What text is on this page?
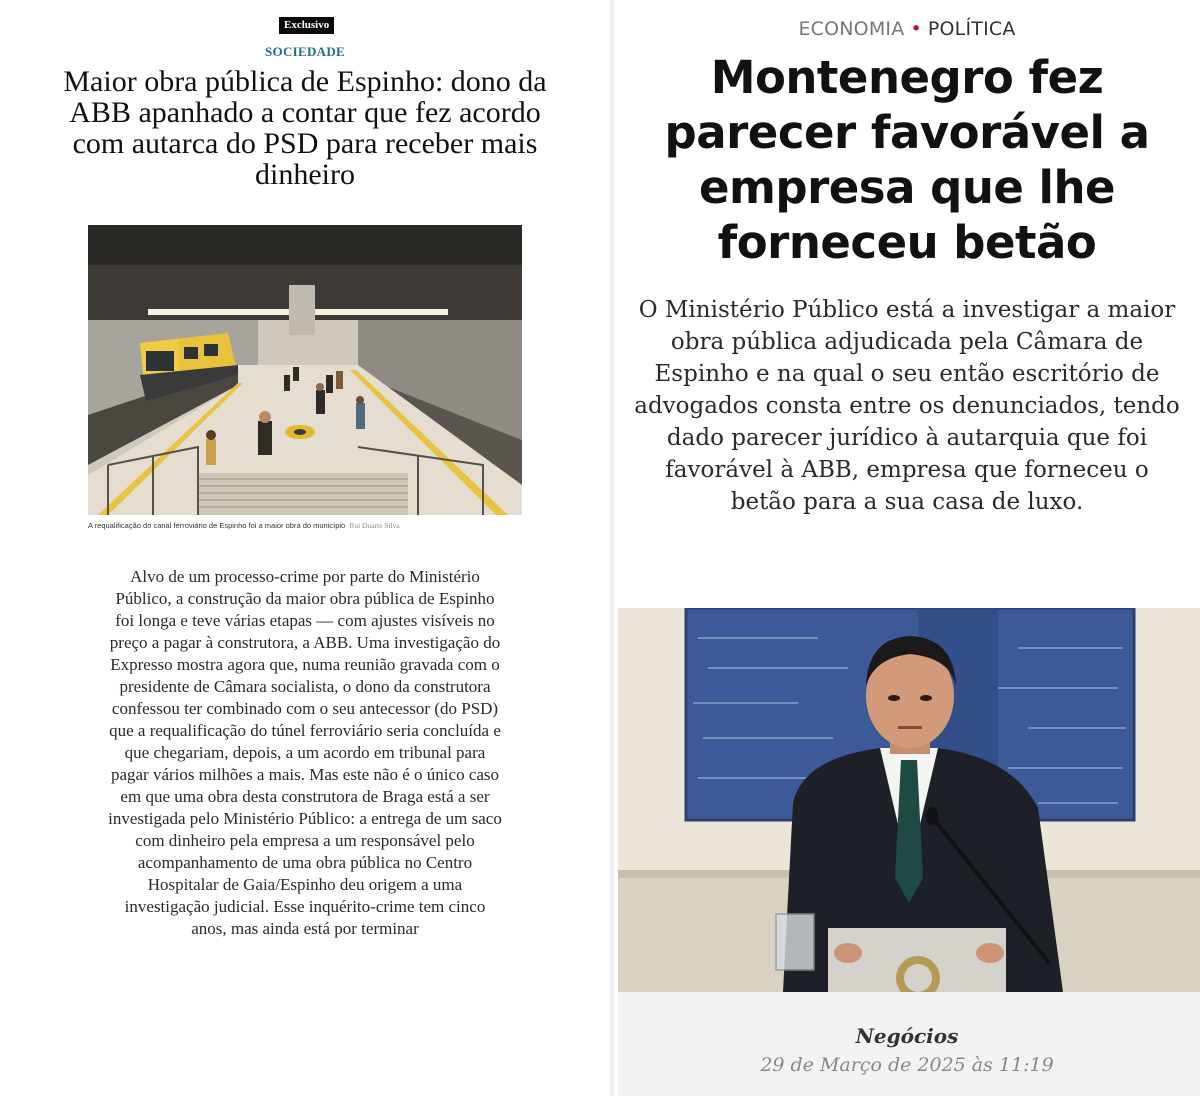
Exclusivo
SOCIEDADE
Maior obra pública de Espinho: dono da ABB apanhado a contar que fez acordo com autarca do PSD para receber mais dinheiro
A requalificação do canal ferroviário de Espinho foi a maior obra do município Rui Duarte Silva

Alvo de um processo-crime por parte do Ministério Público, a construção da maior obra pública de Espinho foi longa e teve várias etapas — com ajustes visíveis no preço a pagar à construtora, a ABB. Uma investigação do Expresso mostra agora que, numa reunião gravada com o presidente de Câmara socialista, o dono da construtora confessou ter combinado com o seu antecessor (do PSD) que a requalificação do túnel ferroviário seria concluída e que chegariam, depois, a um acordo em tribunal para pagar vários milhões a mais. Mas este não é o único caso em que uma obra desta construtora de Braga está a ser investigada pelo Ministério Público: a entrega de um saco com dinheiro pela empresa a um responsável pelo acompanhamento de uma obra pública no Centro Hospitalar de Gaia/Espinho deu origem a uma investigação judicial. Esse inquérito-crime tem cinco anos, mas ainda está por terminar

ECONOMIA • POLÍTICA
Montenegro fez parecer favorável a empresa que lhe forneceu betão

O Ministério Público está a investigar a maior obra pública adjudicada pela Câmara de Espinho e na qual o seu então escritório de advogados consta entre os denunciados, tendo dado parecer jurídico à autarquia que foi favorável à ABB, empresa que forneceu o betão para a sua casa de luxo.

Negócios
29 de Março de 2025 às 11:19
